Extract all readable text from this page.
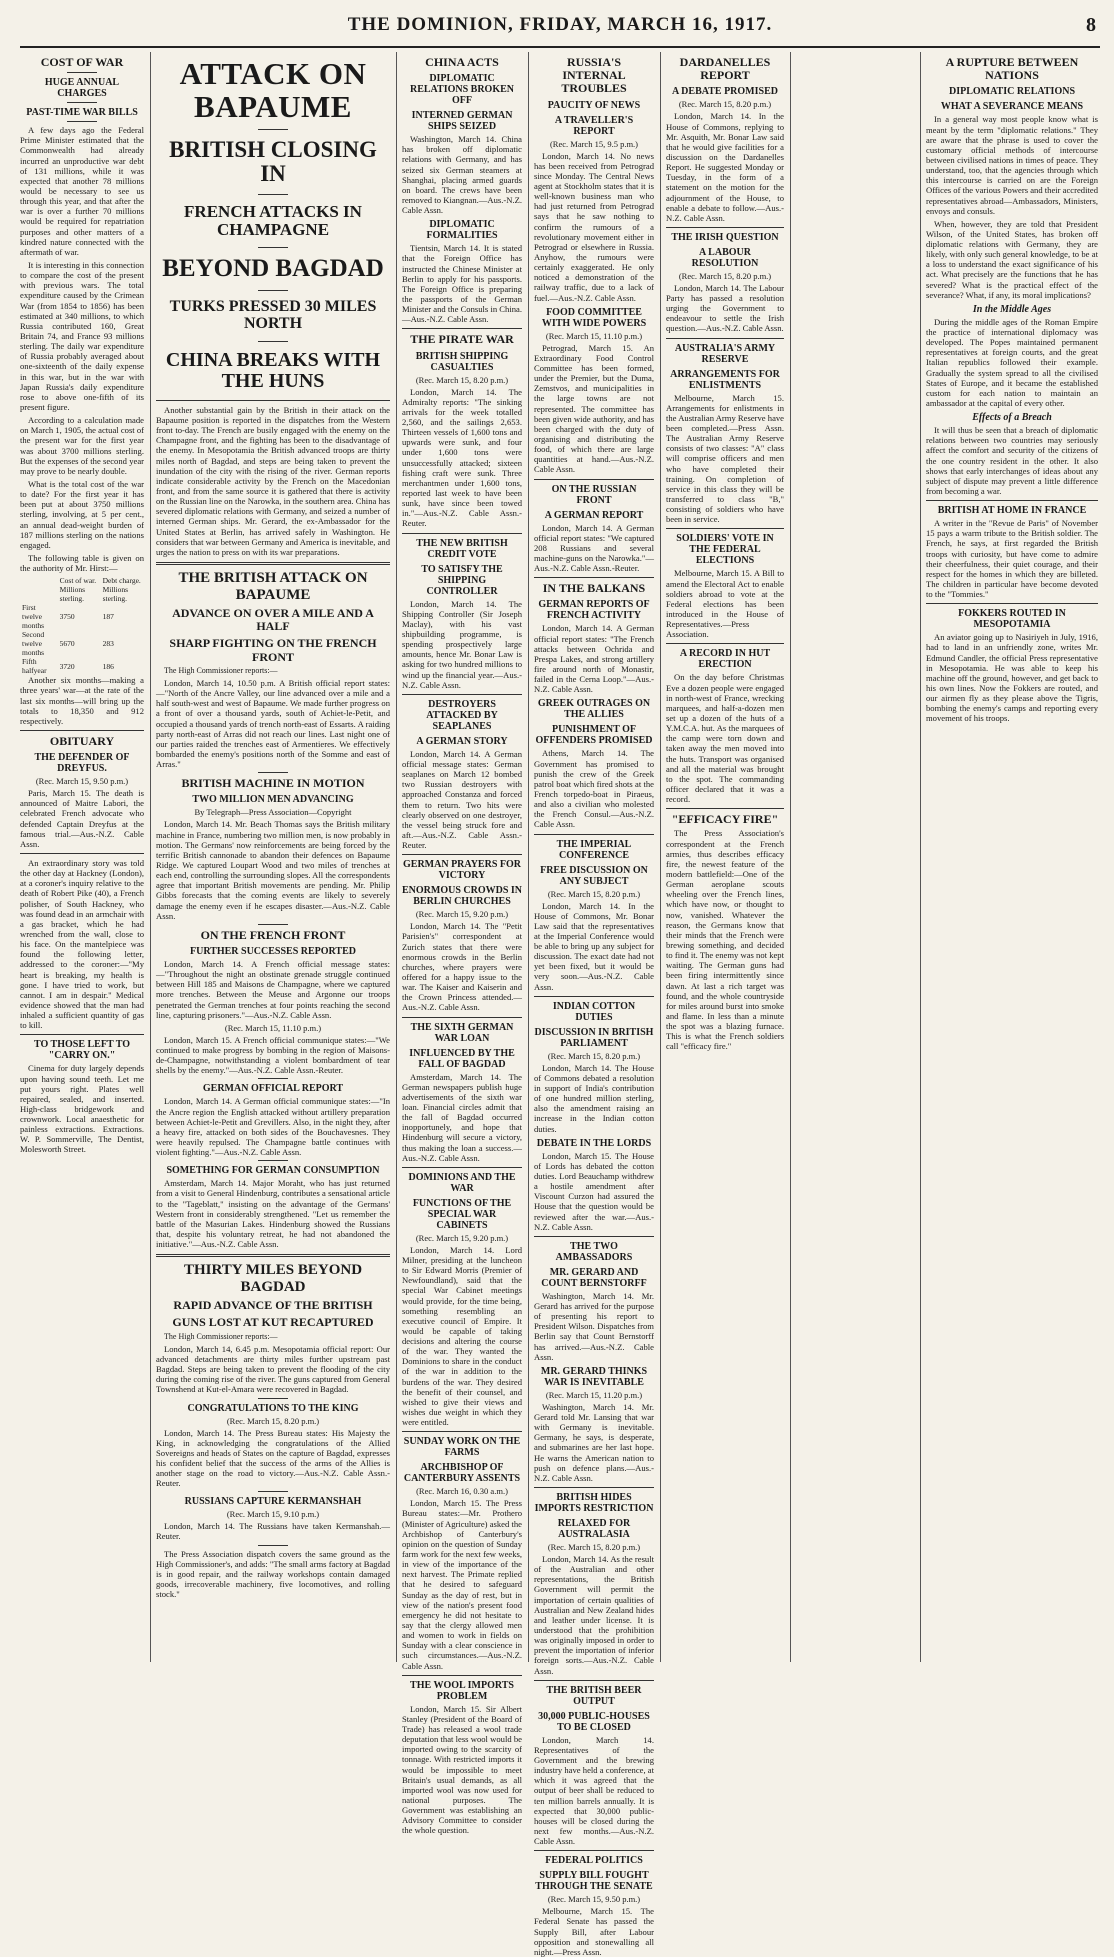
THE DOMINION, FRIDAY, MARCH 16, 1917.	8
COST OF WAR
HUGE ANNUAL CHARGES
PAST-TIME WAR BILLS

A few days ago the Federal Prime Minister estimated that the Commonwealth had already incurred an unproductive war debt of 131 millions, while it was expected that another 78 millions would be necessary to see us through this year, and that after the war is over a further 70 millions would be required for repatriation purposes and other matters of a kindred nature connected with the aftermath of war.

It is interesting in this connection to compare the cost of the present with previous wars. The total expenditure caused by the Crimean War (from 1854 to 1856) has been estimated at 340 millions, to which Russia contributed 160, Great Britain 74, and France 93 millions sterling. The daily war expenditure of Russia probably averaged about one-sixteenth of the daily expense in this war, but in the war with Japan Russia's daily expenditure rose to above one-fifth of its present figure.

According to a calculation made on March 1, 1905, the actual cost of the present war for the first year was about 3700 millions sterling. But the expenses of the second year may prove to be nearly double.

What is the total cost of the war to date? For the first year it has been put at about 3750 millions sterling, involving, at 5 per cent., an annual dead-weight burden of 187 millions sterling on the nations engaged.

The following table is given on the authority of Mr. Hirst:—

	Cost of war. Millions sterling.	Debt charge. Millions sterling.
First twelve months	3750	187
Second twelve months	5670	283
Fifth halfyear	3720	186

Another six months—making a three years' war—at the rate of the last six months—will bring up the totals to 18,350 and 912 respectively.

OBITUARY
THE DEFENDER OF DREYFUS.
(Rec. March 15, 9.50 p.m.)

Paris, March 15. The death is announced of Maitre Labori, the celebrated French advocate who defended Captain Dreyfus at the famous trial.—Aus.-N.Z. Cable Assn.

An extraordinary story was told the other day at Hackney (London), at a coroner's inquiry relative to the death of Robert Pike (40), a French polisher, of South Hackney, who was found dead in an armchair with a gas bracket, which he had wrenched from the wall, close to his face. On the mantelpiece was found the following letter, addressed to the coroner:—"My heart is breaking, my health is gone. I have tried to work, but cannot. I am in despair." Medical evidence showed that the man had inhaled a sufficient quantity of gas to kill.

TO THOSE LEFT TO "CARRY ON."

Cinema for duty largely depends upon having sound teeth. Let me put yours right. Plates well repaired, sealed, and inserted. High-class bridgework and crownwork. Local anaesthetic for painless extractions. Extractions. W. P. Sommerville, The Dentist, Molesworth Street.

ATTACK ON BAPAUME
BRITISH CLOSING IN
FRENCH ATTACKS IN CHAMPAGNE
BEYOND BAGDAD
TURKS PRESSED 30 MILES NORTH
CHINA BREAKS WITH THE HUNS

Another substantial gain by the British in their attack on the Bapaume position is reported in the dispatches from the Western front to-day. The French are busily engaged with the enemy on the Champagne front, and the fighting has been to the disadvantage of the enemy. In Mesopotamia the British advanced troops are thirty miles north of Bagdad, and steps are being taken to prevent the inundation of the city with the rising of the river. German reports indicate considerable activity by the French on the Macedonian front, and from the same source it is gathered that there is activity on the Russian line on the Narowka, in the southern area. China has severed diplomatic relations with Germany, and seized a number of interned German ships. Mr. Gerard, the ex-Ambassador for the United States at Berlin, has arrived safely in Washington. He considers that war between Germany and America is inevitable, and urges the nation to press on with its war preparations.

THE BRITISH ATTACK ON BAPAUME
ADVANCE ON OVER A MILE AND A HALF
SHARP FIGHTING ON THE FRENCH FRONT

The High Commissioner reports:—

London, March 14, 10.50 p.m. A British official report states:—"North of the Ancre Valley, our line advanced over a mile and a half south-west and west of Bapaume. We made further progress on a front of over a thousand yards, south of Achiet-le-Petit, and occupied a thousand yards of trench north-east of Essarts. A raiding party north-east of Arras did not reach our lines. Last night one of our parties raided the trenches east of Armentieres. We effectively bombarded the enemy's positions north of the Somme and east of Arras."

BRITISH MACHINE IN MOTION
TWO MILLION MEN ADVANCING

By Telegraph—Press Association—Copyright

London, March 14. Mr. Beach Thomas says the British military machine in France, numbering two million men, is now probably in motion. The Germans' now reinforcements are being forced by the terrific British cannonade to abandon their defences on Bapaume Ridge. We captured Loupart Wood and two miles of trenches at each end, controlling the surrounding slopes. All the correspondents agree that important British movements are pending. Mr. Philip Gibbs forecasts that the coming events are likely to severely damage the enemy even if he escapes disaster.—Aus.-N.Z. Cable Assn.

ON THE FRENCH FRONT
FURTHER SUCCESSES REPORTED

London, March 14. A French official message states:—"Throughout the night an obstinate grenade struggle continued between Hill 185 and Maisons de Champagne, where we captured more trenches. Between the Meuse and Argonne our troops penetrated the German trenches at four points reaching the second line, capturing prisoners."—Aus.-N.Z. Cable Assn.

(Rec. March 15, 11.10 p.m.)

London, March 15. A French official communique states:—"We continued to make progress by bombing in the region of Maisons-de-Champagne, notwithstanding a violent bombardment of tear shells by the enemy."—Aus.-N.Z. Cable Assn.-Reuter.

GERMAN OFFICIAL REPORT

London, March 14. A German official communique states:—"In the Ancre region the English attacked without artillery preparation between Achiet-le-Petit and Grevillers. Also, in the night they, after a heavy fire, attacked on both sides of the Bouchavesnes. They were heavily repulsed. The Champagne battle continues with violent fighting."—Aus.-N.Z. Cable Assn.

SOMETHING FOR GERMAN CONSUMPTION

Amsterdam, March 14. Major Moraht, who has just returned from a visit to General Hindenburg, contributes a sensational article to the "Tageblatt," insisting on the advantage of the Germans' Western front in considerably strengthened. "Let us remember the battle of the Masurian Lakes. Hindenburg showed the Russians that, despite his voluntary retreat, he had not abandoned the initiative."—Aus.-N.Z. Cable Assn.

THIRTY MILES BEYOND BAGDAD
RAPID ADVANCE OF THE BRITISH
GUNS LOST AT KUT RECAPTURED

The High Commissioner reports:—

London, March 14, 6.45 p.m. Mesopotamia official report: Our advanced detachments are thirty miles further upstream past Bagdad. Steps are being taken to prevent the flooding of the city during the coming rise of the river. The guns captured from General Townshend at Kut-el-Amara were recovered in Bagdad.

CONGRATULATIONS TO THE KING
(Rec. March 15, 8.20 p.m.)

London, March 14. The Press Bureau states: His Majesty the King, in acknowledging the congratulations of the Allied Sovereigns and heads of States on the capture of Bagdad, expresses his confident belief that the success of the arms of the Allies is another stage on the road to victory.—Aus.-N.Z. Cable Assn.-Reuter.

RUSSIANS CAPTURE KERMANSHAH
(Rec. March 15, 9.10 p.m.)

London, March 14. The Russians have taken Kermanshah.—Reuter.

The Press Association dispatch covers the same ground as the High Commissioner's, and adds: "The small arms factory at Bagdad is in good repair, and the railway workshops contain damaged goods, irrecoverable machinery, five locomotives, and rolling stock."

CHINA ACTS
DIPLOMATIC RELATIONS BROKEN OFF
INTERNED GERMAN SHIPS SEIZED

Washington, March 14. China has broken off diplomatic relations with Germany, and has seized six German steamers at Shanghai, placing armed guards on board. The crews have been removed to Kiangnan.—Aus.-N.Z. Cable Assn.

DIPLOMATIC FORMALITIES

Tientsin, March 14. It is stated that the Foreign Office has instructed the Chinese Minister at Berlin to apply for his passports. The Foreign Office is preparing the passports of the German Minister and the Consuls in China.—Aus.-N.Z. Cable Assn.

THE PIRATE WAR
BRITISH SHIPPING CASUALTIES
(Rec. March 15, 8.20 p.m.)

London, March 14. The Admiralty reports: "The sinking arrivals for the week totalled 2,560, and the sailings 2,653. Thirteen vessels of 1,600 tons and upwards were sunk, and four under 1,600 tons were unsuccessfully attacked; sixteen fishing craft were sunk. Three merchantmen under 1,600 tons, reported last week to have been sunk, have since been towed in."—Aus.-N.Z. Cable Assn.-Reuter.

THE NEW BRITISH CREDIT VOTE
TO SATISFY THE SHIPPING CONTROLLER

London, March 14. The Shipping Controller (Sir Joseph Maclay), with his vast shipbuilding programme, is spending prospectively large amounts, hence Mr. Bonar Law is asking for two hundred millions to wind up the financial year.—Aus.-N.Z. Cable Assn.

DESTROYERS ATTACKED BY SEAPLANES
A GERMAN STORY

London, March 14. A German official message states: German seaplanes on March 12 bombed two Russian destroyers with approached Constanza and forced them to return. Two hits were clearly observed on one destroyer, the vessel being struck fore and aft.—Aus.-N.Z. Cable Assn.-Reuter.

GERMAN PRAYERS FOR VICTORY
ENORMOUS CROWDS IN BERLIN CHURCHES
(Rec. March 15, 9.20 p.m.)

London, March 14. The "Petit Parisien's" correspondent at Zurich states that there were enormous crowds in the Berlin churches, where prayers were offered for a happy issue to the war. The Kaiser and Kaiserin and the Crown Princess attended.—Aus.-N.Z. Cable Assn.

THE SIXTH GERMAN WAR LOAN
INFLUENCED BY THE FALL OF BAGDAD

Amsterdam, March 14. The German newspapers publish huge advertisements of the sixth war loan. Financial circles admit that the fall of Bagdad occurred inopportunely, and hope that Hindenburg will secure a victory, thus making the loan a success.—Aus.-N.Z. Cable Assn.

DOMINIONS AND THE WAR
FUNCTIONS OF THE SPECIAL WAR CABINETS
(Rec. March 15, 9.20 p.m.)

London, March 14. Lord Milner, presiding at the luncheon to Sir Edward Morris (Premier of Newfoundland), said that the special War Cabinet meetings would provide, for the time being, something resembling an executive council of Empire. It would be capable of taking decisions and altering the course of the war. They wanted the Dominions to share in the conduct of the war in addition to the burdens of the war. They desired the benefit of their counsel, and wished to give their views and wishes due weight in which they were entitled.

SUNDAY WORK ON THE FARMS
ARCHBISHOP OF CANTERBURY ASSENTS
(Rec. March 16, 0.30 a.m.)

London, March 15. The Press Bureau states:—Mr. Prothero (Minister of Agriculture) asked the Archbishop of Canterbury's opinion on the question of Sunday farm work for the next few weeks, in view of the importance of the next harvest. The Primate replied that he desired to safeguard Sunday as the day of rest, but in view of the nation's present food emergency he did not hesitate to say that the clergy allowed men and women to work in fields on Sunday with a clear conscience in such circumstances.—Aus.-N.Z. Cable Assn.

THE WOOL IMPORTS PROBLEM

London, March 15. Sir Albert Stanley (President of the Board of Trade) has released a wool trade deputation that less wool would be imported owing to the scarcity of tonnage. With restricted imports it would be impossible to meet Britain's usual demands, as all imported wool was now used for national purposes. The Government was establishing an Advisory Committee to consider the whole question.

RUSSIA'S INTERNAL TROUBLES
PAUCITY OF NEWS
A TRAVELLER'S REPORT
(Rec. March 15, 9.5 p.m.)

London, March 14. No news has been received from Petrograd since Monday. The Central News agent at Stockholm states that it is well-known business man who had just returned from Petrograd says that he saw nothing to confirm the rumours of a revolutionary movement either in Petrograd or elsewhere in Russia. Anyhow, the rumours were certainly exaggerated. He only noticed a demonstration of the railway traffic, due to a lack of fuel.—Aus.-N.Z. Cable Assn.

FOOD COMMITTEE WITH WIDE POWERS
(Rec. March 15, 11.10 p.m.)

Petrograd, March 15. An Extraordinary Food Control Committee has been formed, under the Premier, but the Duma, Zemstvos, and municipalities in the large towns are not represented. The committee has been given wide authority, and has been charged with the duty of organising and distributing the food, of which there are large quantities at hand.—Aus.-N.Z. Cable Assn.

ON THE RUSSIAN FRONT
A GERMAN REPORT

London, March 14. A German official report states: "We captured 208 Russians and several machine-guns on the Narowka."—Aus.-N.Z. Cable Assn.-Reuter.

IN THE BALKANS
GERMAN REPORTS OF FRENCH ACTIVITY

London, March 14. A German official report states: "The French attacks between Ochrida and Prespa Lakes, and strong artillery fire around north of Monastir, failed in the Cerna Loop."—Aus.-N.Z. Cable Assn.

GREEK OUTRAGES ON THE ALLIES
PUNISHMENT OF OFFENDERS PROMISED

Athens, March 14. The Government has promised to punish the crew of the Greek patrol boat which fired shots at the French torpedo-boat in Piraeus, and also a civilian who molested the French Consul.—Aus.-N.Z. Cable Assn.

THE IMPERIAL CONFERENCE
FREE DISCUSSION ON ANY SUBJECT
(Rec. March 15, 8.20 p.m.)

London, March 14. In the House of Commons, Mr. Bonar Law said that the representatives at the Imperial Conference would be able to bring up any subject for discussion. The exact date had not yet been fixed, but it would be very soon.—Aus.-N.Z. Cable Assn.

INDIAN COTTON DUTIES
DISCUSSION IN BRITISH PARLIAMENT
(Rec. March 15, 8.20 p.m.)

London, March 14. The House of Commons debated a resolution in support of India's contribution of one hundred million sterling, also the amendment raising an increase in the Indian cotton duties.

DEBATE IN THE LORDS

London, March 15. The House of Lords has debated the cotton duties. Lord Beauchamp withdrew a hostile amendment after Viscount Curzon had assured the House that the question would be reviewed after the war.—Aus.-N.Z. Cable Assn.

THE TWO AMBASSADORS
MR. GERARD AND COUNT BERNSTORFF

Washington, March 14. Mr. Gerard has arrived for the purpose of presenting his report to President Wilson. Dispatches from Berlin say that Count Bernstorff has arrived.—Aus.-N.Z. Cable Assn.

MR. GERARD THINKS WAR IS INEVITABLE
(Rec. March 15, 11.20 p.m.)

Washington, March 14. Mr. Gerard told Mr. Lansing that war with Germany is inevitable. Germany, he says, is desperate, and submarines are her last hope. He warns the American nation to push on defence plans.—Aus.-N.Z. Cable Assn.

BRITISH HIDES IMPORTS RESTRICTION
RELAXED FOR AUSTRALASIA
(Rec. March 15, 8.20 p.m.)

London, March 14. As the result of the Australian and other representations, the British Government will permit the importation of certain qualities of Australian and New Zealand hides and leather under license. It is understood that the prohibition was originally imposed in order to prevent the importation of inferior foreign sorts.—Aus.-N.Z. Cable Assn.

THE BRITISH BEER OUTPUT
30,000 PUBLIC-HOUSES TO BE CLOSED

London, March 14. Representatives of the Government and the brewing industry have held a conference, at which it was agreed that the output of beer shall be reduced to ten million barrels annually. It is expected that 30,000 public-houses will be closed during the next few months.—Aus.-N.Z. Cable Assn.

FEDERAL POLITICS
SUPPLY BILL FOUGHT THROUGH THE SENATE
(Rec. March 15, 9.50 p.m.)

Melbourne, March 15. The Federal Senate has passed the Supply Bill, after Labour opposition and stonewalling all night.—Press Assn.

DARDANELLES REPORT
A DEBATE PROMISED
(Rec. March 15, 8.20 p.m.)

London, March 14. In the House of Commons, replying to Mr. Asquith, Mr. Bonar Law said that he would give facilities for a discussion on the Dardanelles Report. He suggested Monday or Tuesday, in the form of a statement on the motion for the adjournment of the House, to enable a debate to follow.—Aus.-N.Z. Cable Assn.

THE IRISH QUESTION
A LABOUR RESOLUTION
(Rec. March 15, 8.20 p.m.)

London, March 14. The Labour Party has passed a resolution urging the Government to endeavour to settle the Irish question.—Aus.-N.Z. Cable Assn.

AUSTRALIA'S ARMY RESERVE
ARRANGEMENTS FOR ENLISTMENTS

Melbourne, March 15. Arrangements for enlistments in the Australian Army Reserve have been completed.—Press Assn. The Australian Army Reserve consists of two classes: "A" class will comprise officers and men who have completed their training. On completion of service in this class they will be transferred to class "B," consisting of soldiers who have been in service.

SOLDIERS' VOTE IN THE FEDERAL ELECTIONS

Melbourne, March 15. A Bill to amend the Electoral Act to enable soldiers abroad to vote at the Federal elections has been introduced in the House of Representatives.—Press Association.

A RECORD IN HUT ERECTION

On the day before Christmas Eve a dozen people were engaged in north-west of France, wrecking marquees, and half-a-dozen men set up a dozen of the huts of a Y.M.C.A. hut. As the marquees of the camp were torn down and taken away the men moved into the huts. Transport was organised and all the material was brought to the spot. The commanding officer declared that it was a record.

"EFFICACY FIRE"

The Press Association's correspondent at the French armies, thus describes efficacy fire, the newest feature of the modern battlefield:—One of the German aeroplane scouts wheeling over the French lines, which have now, or thought to now, vanished. Whatever the reason, the Germans know that their minds that the French were brewing something, and decided to find it. The enemy was not kept waiting. The German guns had been firing intermittently since dawn. At last a rich target was found, and the whole countryside for miles around burst into smoke and flame. In less than a minute the spot was a blazing furnace. This is what the French soldiers call "efficacy fire."

A RUPTURE BETWEEN NATIONS
DIPLOMATIC RELATIONS
WHAT A SEVERANCE MEANS

In a general way most people know what is meant by the term "diplomatic relations." They are aware that the phrase is used to cover the customary official methods of intercourse between civilised nations in times of peace. They understand, too, that the agencies through which this intercourse is carried on are the Foreign Offices of the various Powers and their accredited representatives abroad—Ambassadors, Ministers, envoys and consuls.

When, however, they are told that President Wilson, of the United States, has broken off diplomatic relations with Germany, they are likely, with only such general knowledge, to be at a loss to understand the exact significance of his act. What precisely are the functions that he has severed? What is the practical effect of the severance? What, if any, its moral implications?

In the Middle Ages

During the middle ages of the Roman Empire the practice of international diplomacy was developed. The Popes maintained permanent representatives at foreign courts, and the great Italian republics followed their example. Gradually the system spread to all the civilised States of Europe, and it became the established custom for each nation to maintain an ambassador at the capital of every other.

Effects of a Breach

It will thus be seen that a breach of diplomatic relations between two countries may seriously affect the comfort and security of the citizens of the one country resident in the other. It also shows that early interchanges of ideas about any subject of dispute may prevent a little difference from becoming a war.

BRITISH AT HOME IN FRANCE

A writer in the "Revue de Paris" of November 15 pays a warm tribute to the British soldier. The French, he says, at first regarded the British troops with curiosity, but have come to admire their cheerfulness, their quiet courage, and their respect for the homes in which they are billeted. The children in particular have become devoted to the "Tommies."

FOKKERS ROUTED IN MESOPOTAMIA

An aviator going up to Nasiriyeh in July, 1916, had to land in an unfriendly zone, writes Mr. Edmund Candler, the official Press representative in Mesopotamia. He was able to keep his machine off the ground, however, and get back to his own lines. Now the Fokkers are routed, and our airmen fly as they please above the Tigris, bombing the enemy's camps and reporting every movement of his troops.
